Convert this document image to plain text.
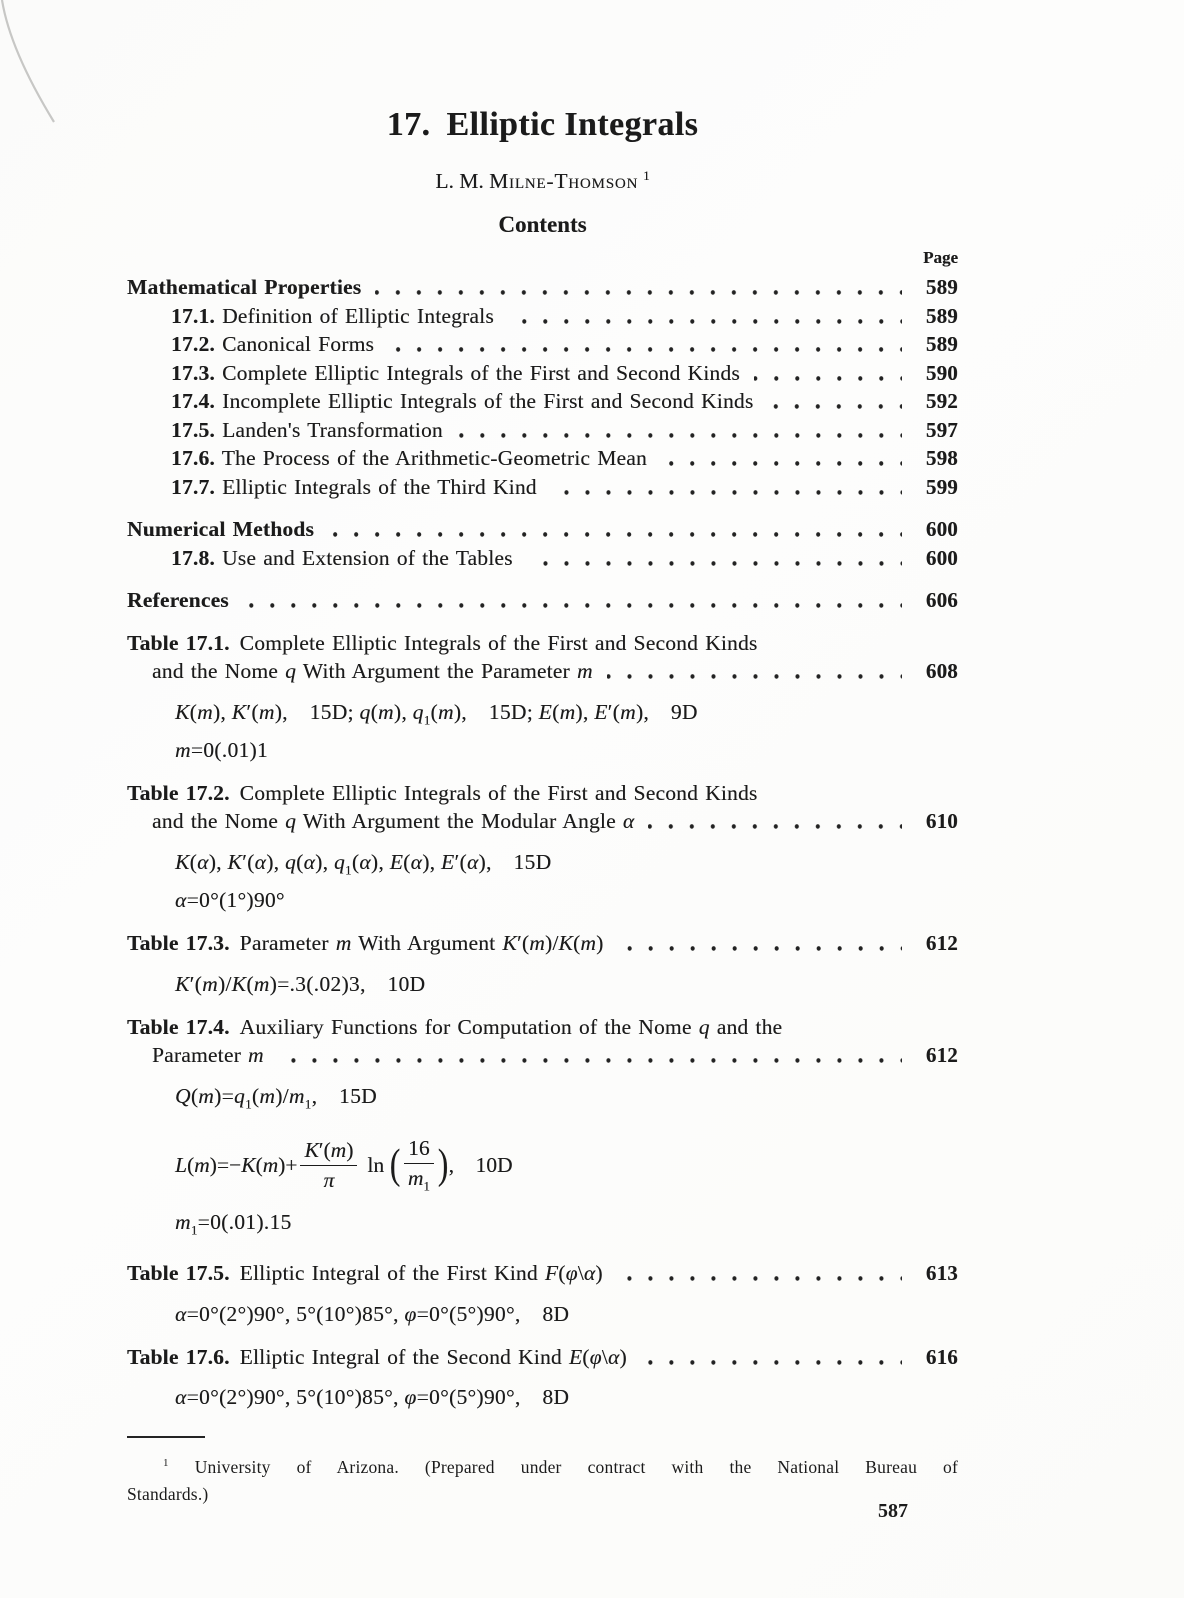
17. Elliptic Integrals
L. M. Milne-Thomson $^1$
Contents
Page
Mathematical Properties	589
17.1. Definition of Elliptic Integrals	589
17.2. Canonical Forms	589
17.3. Complete Elliptic Integrals of the First and Second Kinds	590
17.4. Incomplete Elliptic Integrals of the First and Second Kinds	592
17.5. Landen's Transformation	597
17.6. The Process of the Arithmetic-Geometric Mean	598
17.7. Elliptic Integrals of the Third Kind	599
Numerical Methods	600
17.8. Use and Extension of the Tables	600
References	606
Table 17.1. Complete Elliptic Integrals of the First and Second Kinds
and the Nome q With Argument the Parameter m	608
K(m), K′(m), 15D; q(m), $q_1(m)$, 15D; E(m), E′(m), 9D
m=0(.01)1
Table 17.2. Complete Elliptic Integrals of the First and Second Kinds
and the Nome q With Argument the Modular Angle α	610
K(α), K′(α), q(α), $q_1(\alpha)$, E(α), E′(α), 15D
α=0°(1°)90°
Table 17.3. Parameter m With Argument K′(m)/K(m)	612
K′(m)/K(m)=.3(.02)3, 10D
Table 17.4. Auxiliary Functions for Computation of the Nome q and the
Parameter m	612
$Q(m)=q_1(m)/m_1$, 15D
$L(m)=-K(m)+ \frac{K'(m)}{\pi}$ ln ( $\frac{16}{m_1}$ ) , 10D
$m_1=0(.01).15$
Table 17.5. Elliptic Integral of the First Kind F(φ\α)	613
α=0°(2°)90°, 5°(10°)85°, φ=0°(5°)90°, 8D
Table 17.6. Elliptic Integral of the Second Kind E(φ\α)	616
α=0°(2°)90°, 5°(10°)85°, φ=0°(5°)90°, 8D
$^1$ University of Arizona. (Prepared under contract with the National Bureau of
Standards.)
587
